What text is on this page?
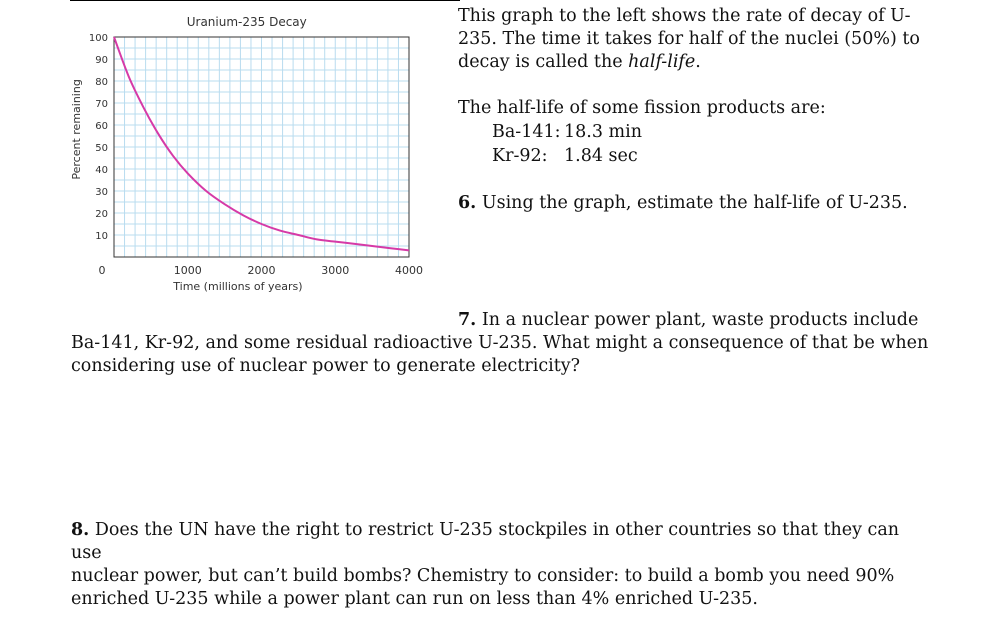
Uranium-235 Decay
Percent remaining
Time (millions of years)
0
100
90
80
70
60
50
40
30
20
10
1000	2000	3000	4000

This graph to the left shows the rate of decay of U-
235. The time it takes for half of the nuclei (50%) to
decay is called the half-life.

The half-life of some fission products are:

Ba-141: 18.3 min

Kr-92: 1.84 sec

6. Using the graph, estimate the half-life of U-235.

7. In a nuclear power plant, waste products include

Ba-141, Kr-92, and some residual radioactive U-235. What might a consequence of that be when
considering use of nuclear power to generate electricity?

8. Does the UN have the right to restrict U-235 stockpiles in other countries so that they can use
nuclear power, but can’t build bombs? Chemistry to consider: to build a bomb you need 90%
enriched U-235 while a power plant can run on less than 4% enriched U-235.
